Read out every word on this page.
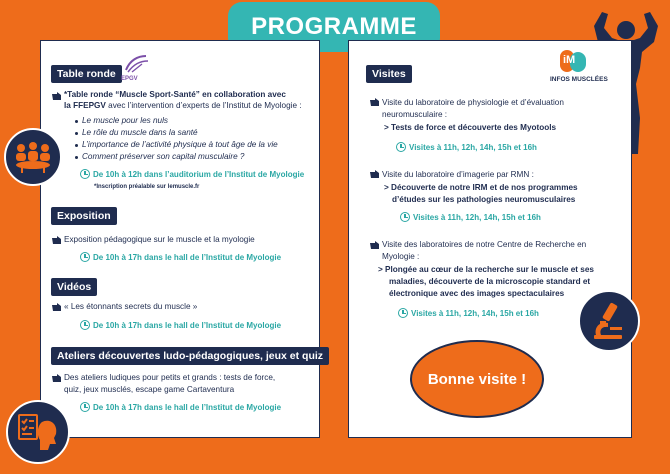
PROGRAMME
Table ronde EPGV
*Table ronde “Muscle Sport-Santé” en collaboration avec
la FFEPGV avec l’intervention d’experts de l’Institut de Myologie :
Le muscle pour les nuls
Le rôle du muscle dans la santé
L’importance de l’activité physique à tout âge de la vie
Comment préserver son capital musculaire ?
De 10h à 12h dans l’auditorium de l’Institut de Myologie
*Inscription préalable sur lemuscle.fr
Exposition
Exposition pédagogique sur le muscle et la myologie
De 10h à 17h dans le hall de l’Institut de Myologie
Vidéos
« Les étonnants secrets du muscle »
De 10h à 17h dans le hall de l’Institut de Myologie
Ateliers découvertes ludo-pédagogiques, jeux et quiz
Des ateliers ludiques pour petits et grands : tests de force,
quiz, jeux musclés, escape game Cartaventura
De 10h à 17h dans le hall de l’Institut de Myologie
Visites
iM
INFOS MUSCLÉES
Visite du laboratoire de physiologie et d’évaluation
neuromusculaire :
> Tests de force et découverte des Myotools
Visites à 11h, 12h, 14h, 15h et 16h
Visite du laboratoire d’imagerie par RMN :
> Découverte de notre IRM et de nos programmes
d’études sur les pathologies neuromusculaires
Visites à 11h, 12h, 14h, 15h et 16h
Visite des laboratoires de notre Centre de Recherche en
Myologie :
> Plongée au cœur de la recherche sur le muscle et ses
maladies, découverte de la microscopie standard et
électronique avec des images spectaculaires
Visites à 11h, 12h, 14h, 15h et 16h
Bonne visite !
